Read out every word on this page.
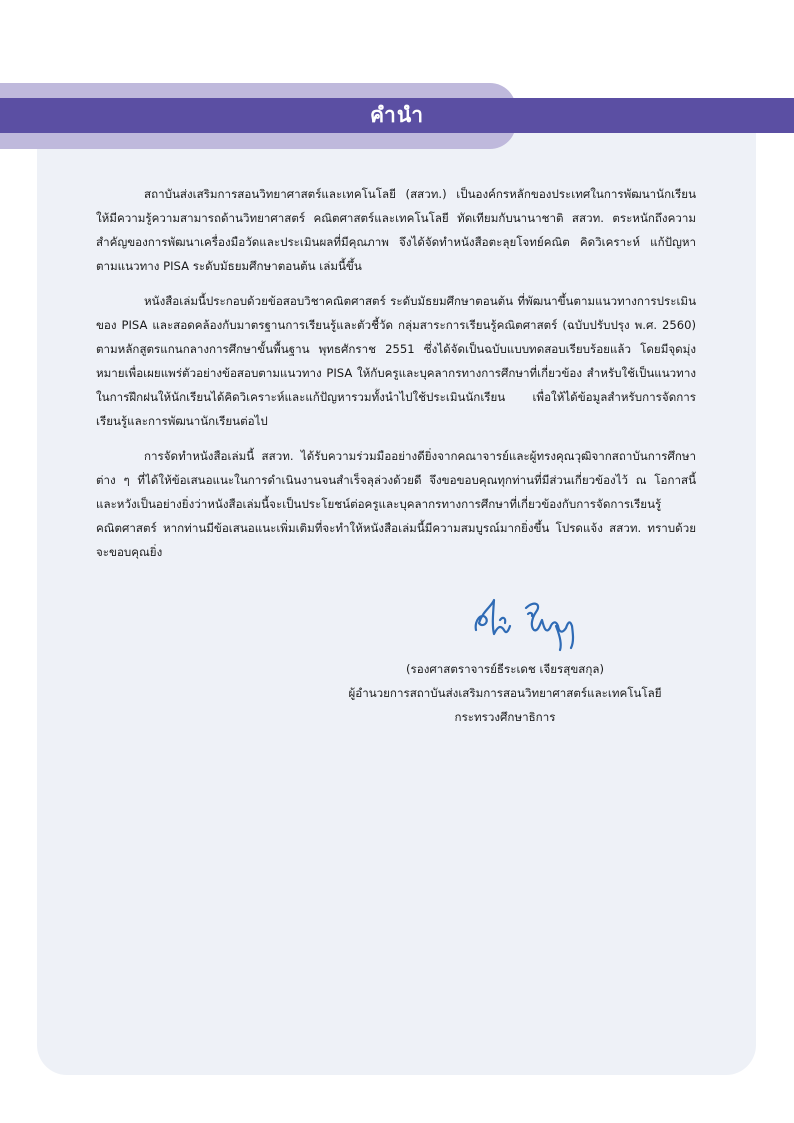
คำนำ

สถาบันส่งเสริมการสอนวิทยาศาสตร์และเทคโนโลยี (สสวท.) เป็นองค์กรหลักของประเทศในการพัฒนานักเรียนให้มีความรู้ความสามารถด้านวิทยาศาสตร์ คณิตศาสตร์และเทคโนโลยี ทัดเทียมกับนานาชาติ สสวท. ตระหนักถึงความสำคัญของการพัฒนาเครื่องมือวัดและประเมินผลที่มีคุณภาพ จึงได้จัดทำหนังสือตะลุยโจทย์คณิต คิดวิเคราะห์ แก้ปัญหา ตามแนวทาง PISA ระดับมัธยมศึกษาตอนต้น เล่มนี้ขึ้น

หนังสือเล่มนี้ประกอบด้วยข้อสอบวิชาคณิตศาสตร์ ระดับมัธยมศึกษาตอนต้น ที่พัฒนาขึ้นตามแนวทางการประเมินของ PISA และสอดคล้องกับมาตรฐานการเรียนรู้และตัวชี้วัด กลุ่มสาระการเรียนรู้คณิตศาสตร์ (ฉบับปรับปรุง พ.ศ. 2560) ตามหลักสูตรแกนกลางการศึกษาขั้นพื้นฐาน พุทธศักราช 2551 ซึ่งได้จัดเป็นฉบับแบบทดสอบเรียบร้อยแล้ว โดยมีจุดมุ่งหมายเพื่อเผยแพร่ตัวอย่างข้อสอบตามแนวทาง PISA ให้กับครูและบุคลากรทางการศึกษาที่เกี่ยวข้อง สำหรับใช้เป็นแนวทางในการฝึกฝนให้นักเรียนได้คิดวิเคราะห์และแก้ปัญหารวมทั้งนำไปใช้ประเมินนักเรียน เพื่อให้ได้ข้อมูลสำหรับการจัดการเรียนรู้และการพัฒนานักเรียนต่อไป

การจัดทำหนังสือเล่มนี้ สสวท. ได้รับความร่วมมืออย่างดียิ่งจากคณาจารย์และผู้ทรงคุณวุฒิจากสถาบันการศึกษาต่าง ๆ ที่ได้ให้ข้อเสนอแนะในการดำเนินงานจนสำเร็จลุล่วงด้วยดี จึงขอขอบคุณทุกท่านที่มีส่วนเกี่ยวข้องไว้ ณ โอกาสนี้ และหวังเป็นอย่างยิ่งว่าหนังสือเล่มนี้จะเป็นประโยชน์ต่อครูและบุคลากรทางการศึกษาที่เกี่ยวข้องกับการจัดการเรียนรู้คณิตศาสตร์ หากท่านมีข้อเสนอแนะเพิ่มเติมที่จะทำให้หนังสือเล่มนี้มีความสมบูรณ์มากยิ่งขึ้น โปรดแจ้ง สสวท. ทราบด้วย จะขอบคุณยิ่ง

(รองศาสตราจารย์ธีระเดช เจียรสุขสกุล)
ผู้อำนวยการสถาบันส่งเสริมการสอนวิทยาศาสตร์และเทคโนโลยี
กระทรวงศึกษาธิการ
